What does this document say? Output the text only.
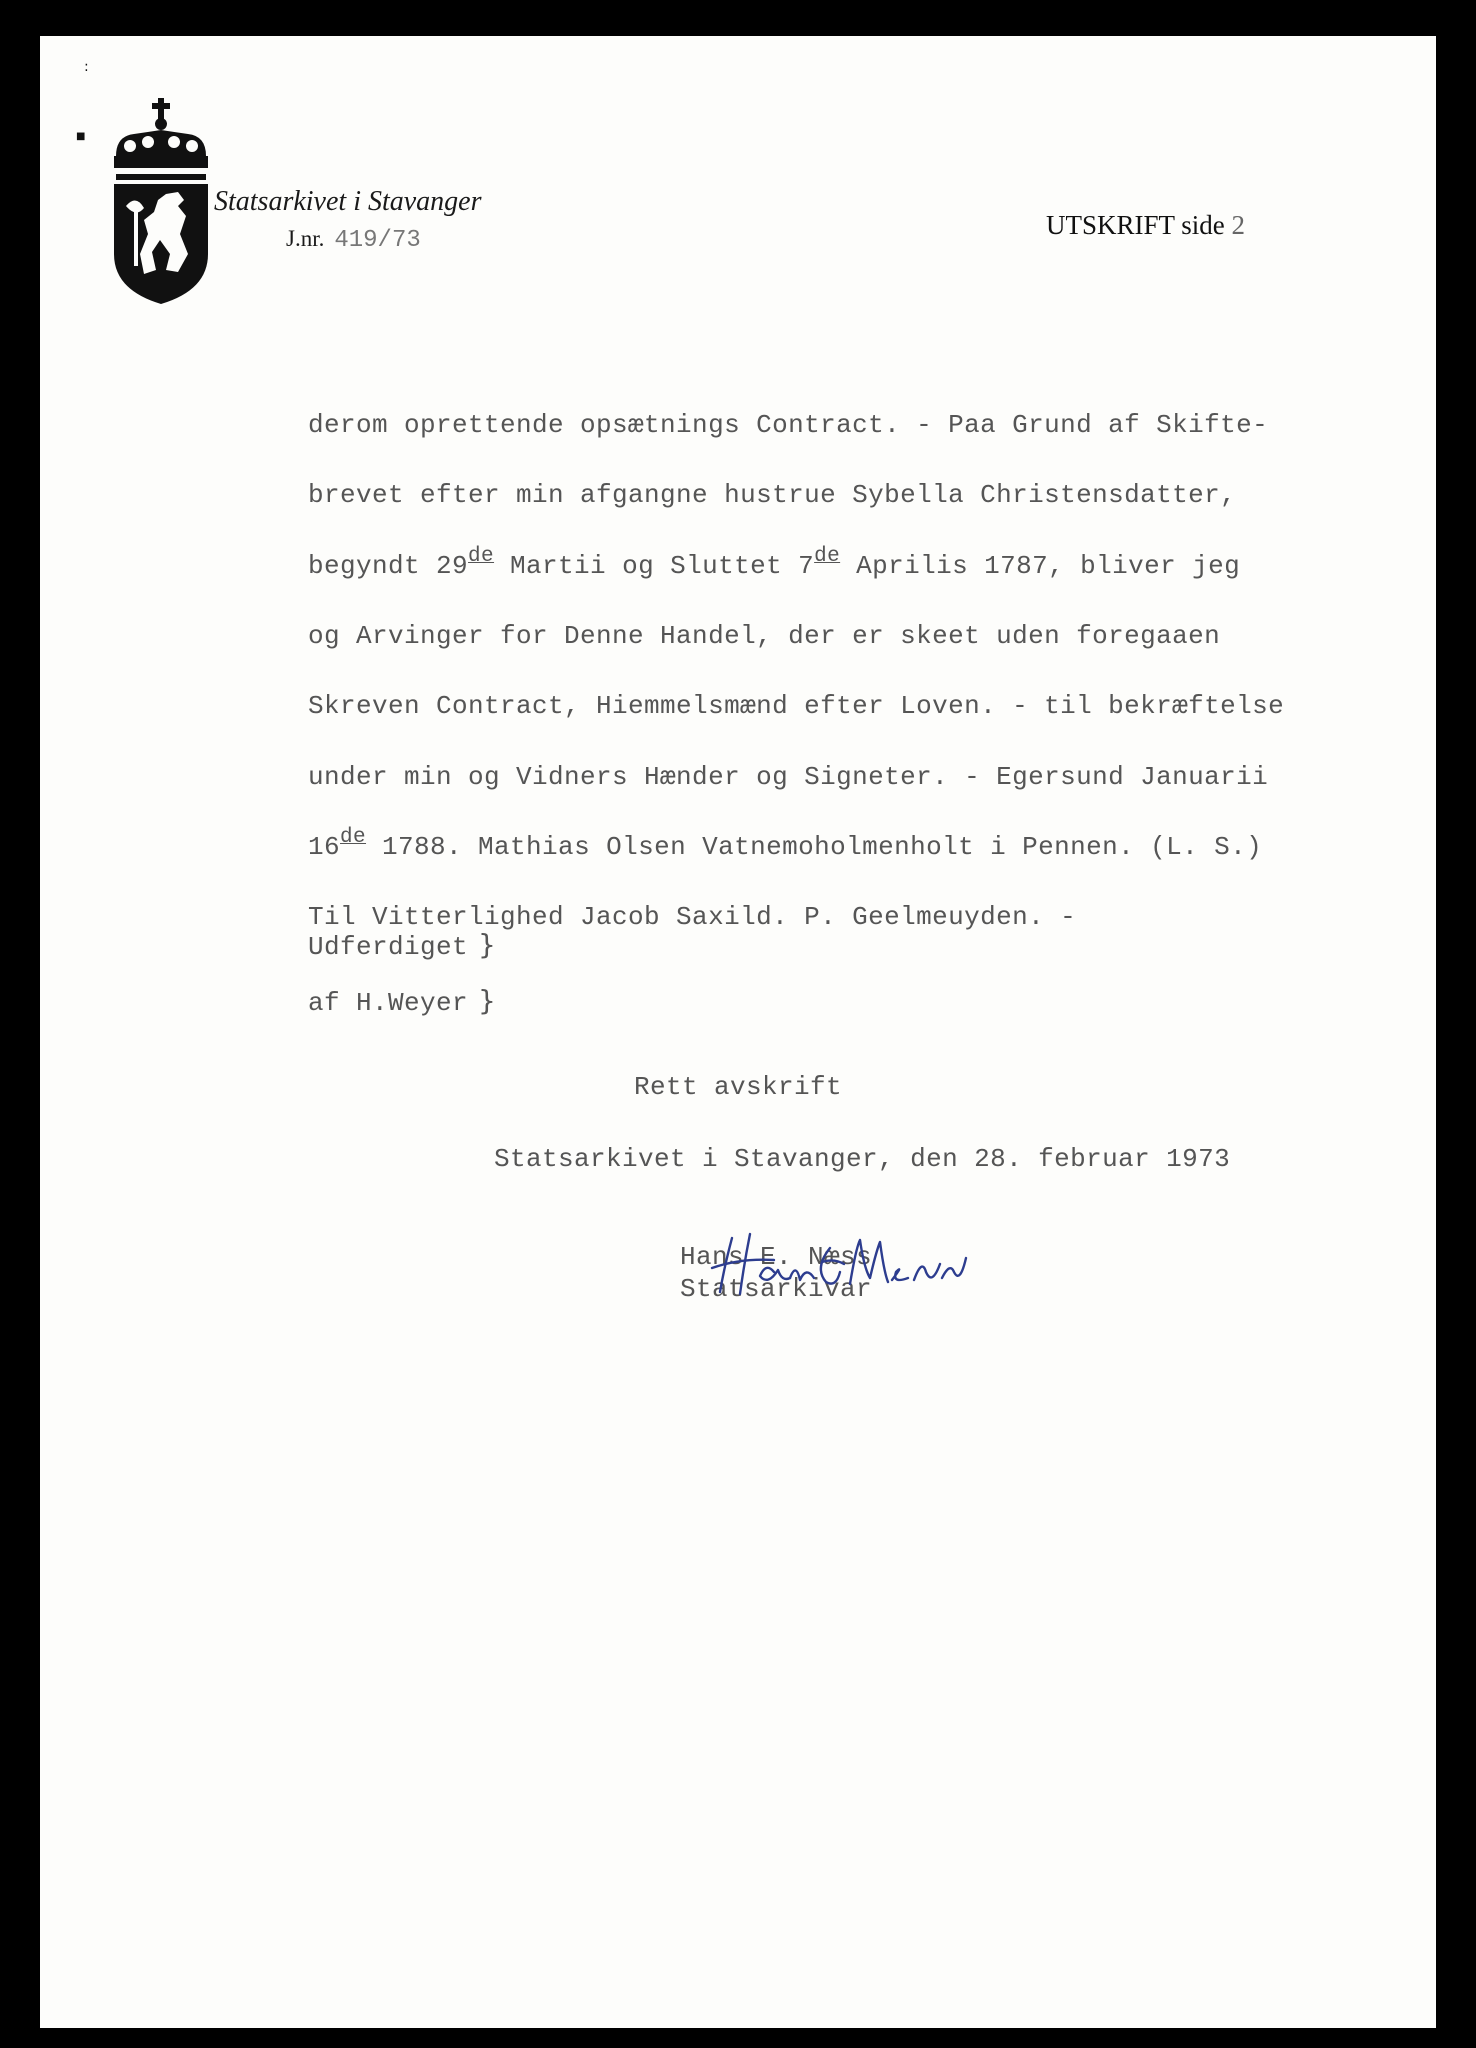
:
■
Statsarkivet i Stavanger
J.nr. 419/73
UTSKRIFT side 2
derom oprettende opsætnings Contract. - Paa Grund af Skifte-
brevet efter min afgangne hustrue Sybella Christensdatter,
begyndt 29de Martii og Sluttet 7de Aprilis 1787, bliver jeg
og Arvinger for Denne Handel, der er skeet uden foregaaen
Skreven Contract, Hiemmelsmænd efter Loven. - til bekræftelse
under min og Vidners Hænder og Signeter. - Egersund Januarii
16de 1788. Mathias Olsen Vatnemoholmenholt i Pennen. (L. S.)
Til Vitterlighed Jacob Saxild. P. Geelmeuyden. -
Udferdiget
af H.Weyer
}
}
Rett avskrift
Statsarkivet i Stavanger, den 28. februar 1973
Hans E. Næss
Statsarkivar
